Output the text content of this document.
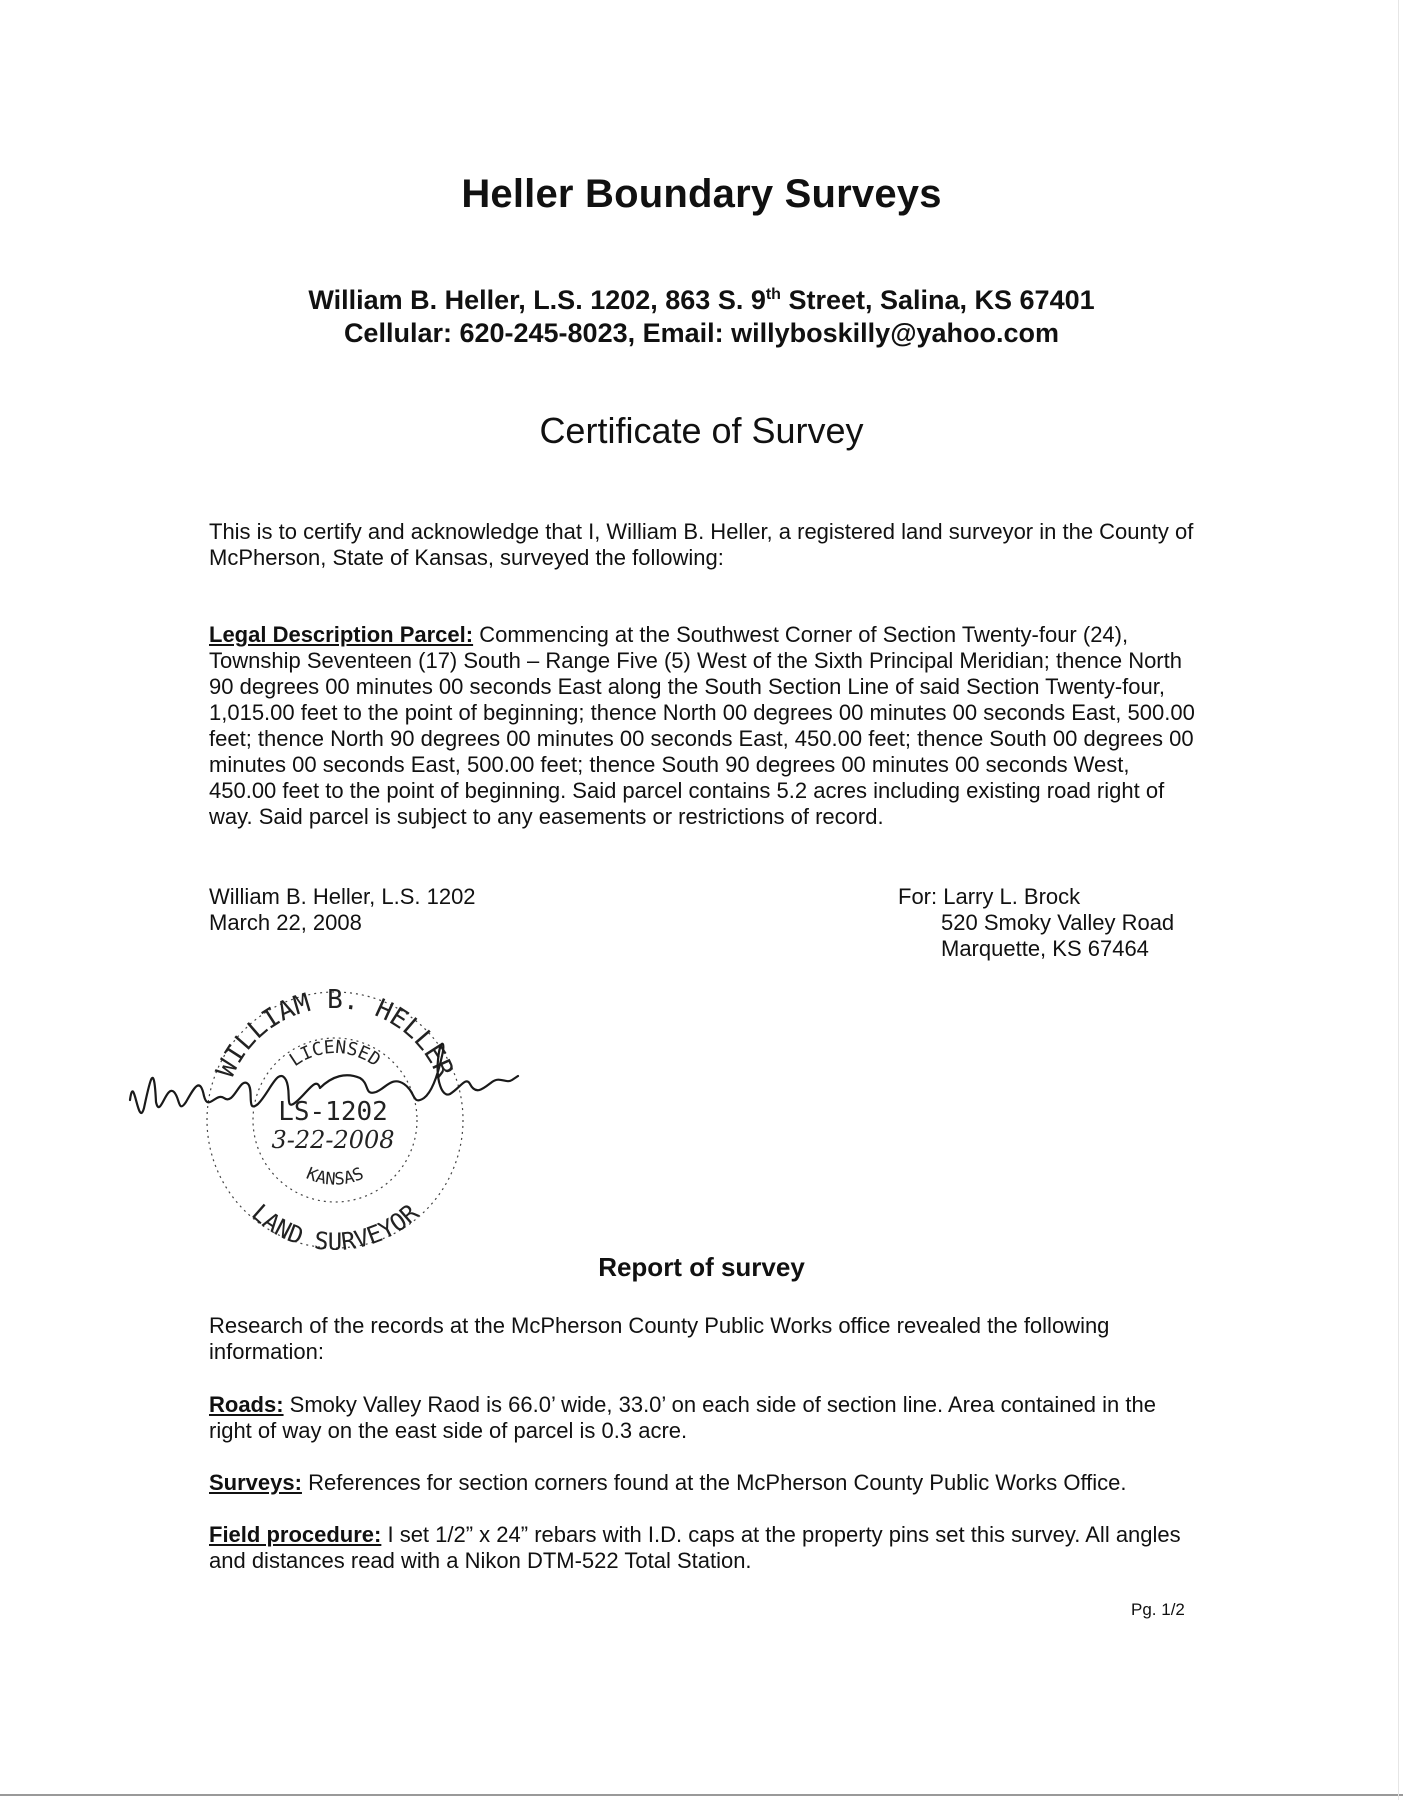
Heller Boundary Surveys
William B. Heller, L.S. 1202, 863 S. 9th Street, Salina, KS 67401
Cellular: 620-245-8023, Email: willyboskilly@yahoo.com
Certificate of Survey
This is to certify and acknowledge that I, William B. Heller, a registered land surveyor in the County of McPherson, State of Kansas, surveyed the following:
Legal Description Parcel: Commencing at the Southwest Corner of Section Twenty-four (24), Township Seventeen (17) South – Range Five (5) West of the Sixth Principal Meridian; thence North 90 degrees 00 minutes 00 seconds East along the South Section Line of said Section Twenty-four, 1,015.00 feet to the point of beginning; thence North 00 degrees 00 minutes 00 seconds East, 500.00 feet; thence North 90 degrees 00 minutes 00 seconds East, 450.00 feet; thence South 00 degrees 00 minutes 00 seconds East, 500.00 feet; thence South 90 degrees 00 minutes 00 seconds West, 450.00 feet to the point of beginning. Said parcel contains 5.2 acres including existing road right of way. Said parcel is subject to any easements or restrictions of record.
William B. Heller, L.S. 1202
March 22, 2008
For: Larry L. Brock
520 Smoky Valley Road
Marquette, KS 67464
WILLIAM B. HELLER
LICENSED
LAND SURVEYOR
KANSAS
LS-1202
3-22-2008
Report of survey
Research of the records at the McPherson County Public Works office revealed the following information:
Roads: Smoky Valley Raod is 66.0’ wide, 33.0’ on each side of section line. Area contained in the right of way on the east side of parcel is 0.3 acre.
Surveys: References for section corners found at the McPherson County Public Works Office.
Field procedure: I set 1/2” x 24” rebars with I.D. caps at the property pins set this survey. All angles and distances read with a Nikon DTM-522 Total Station.
Pg. 1/2
